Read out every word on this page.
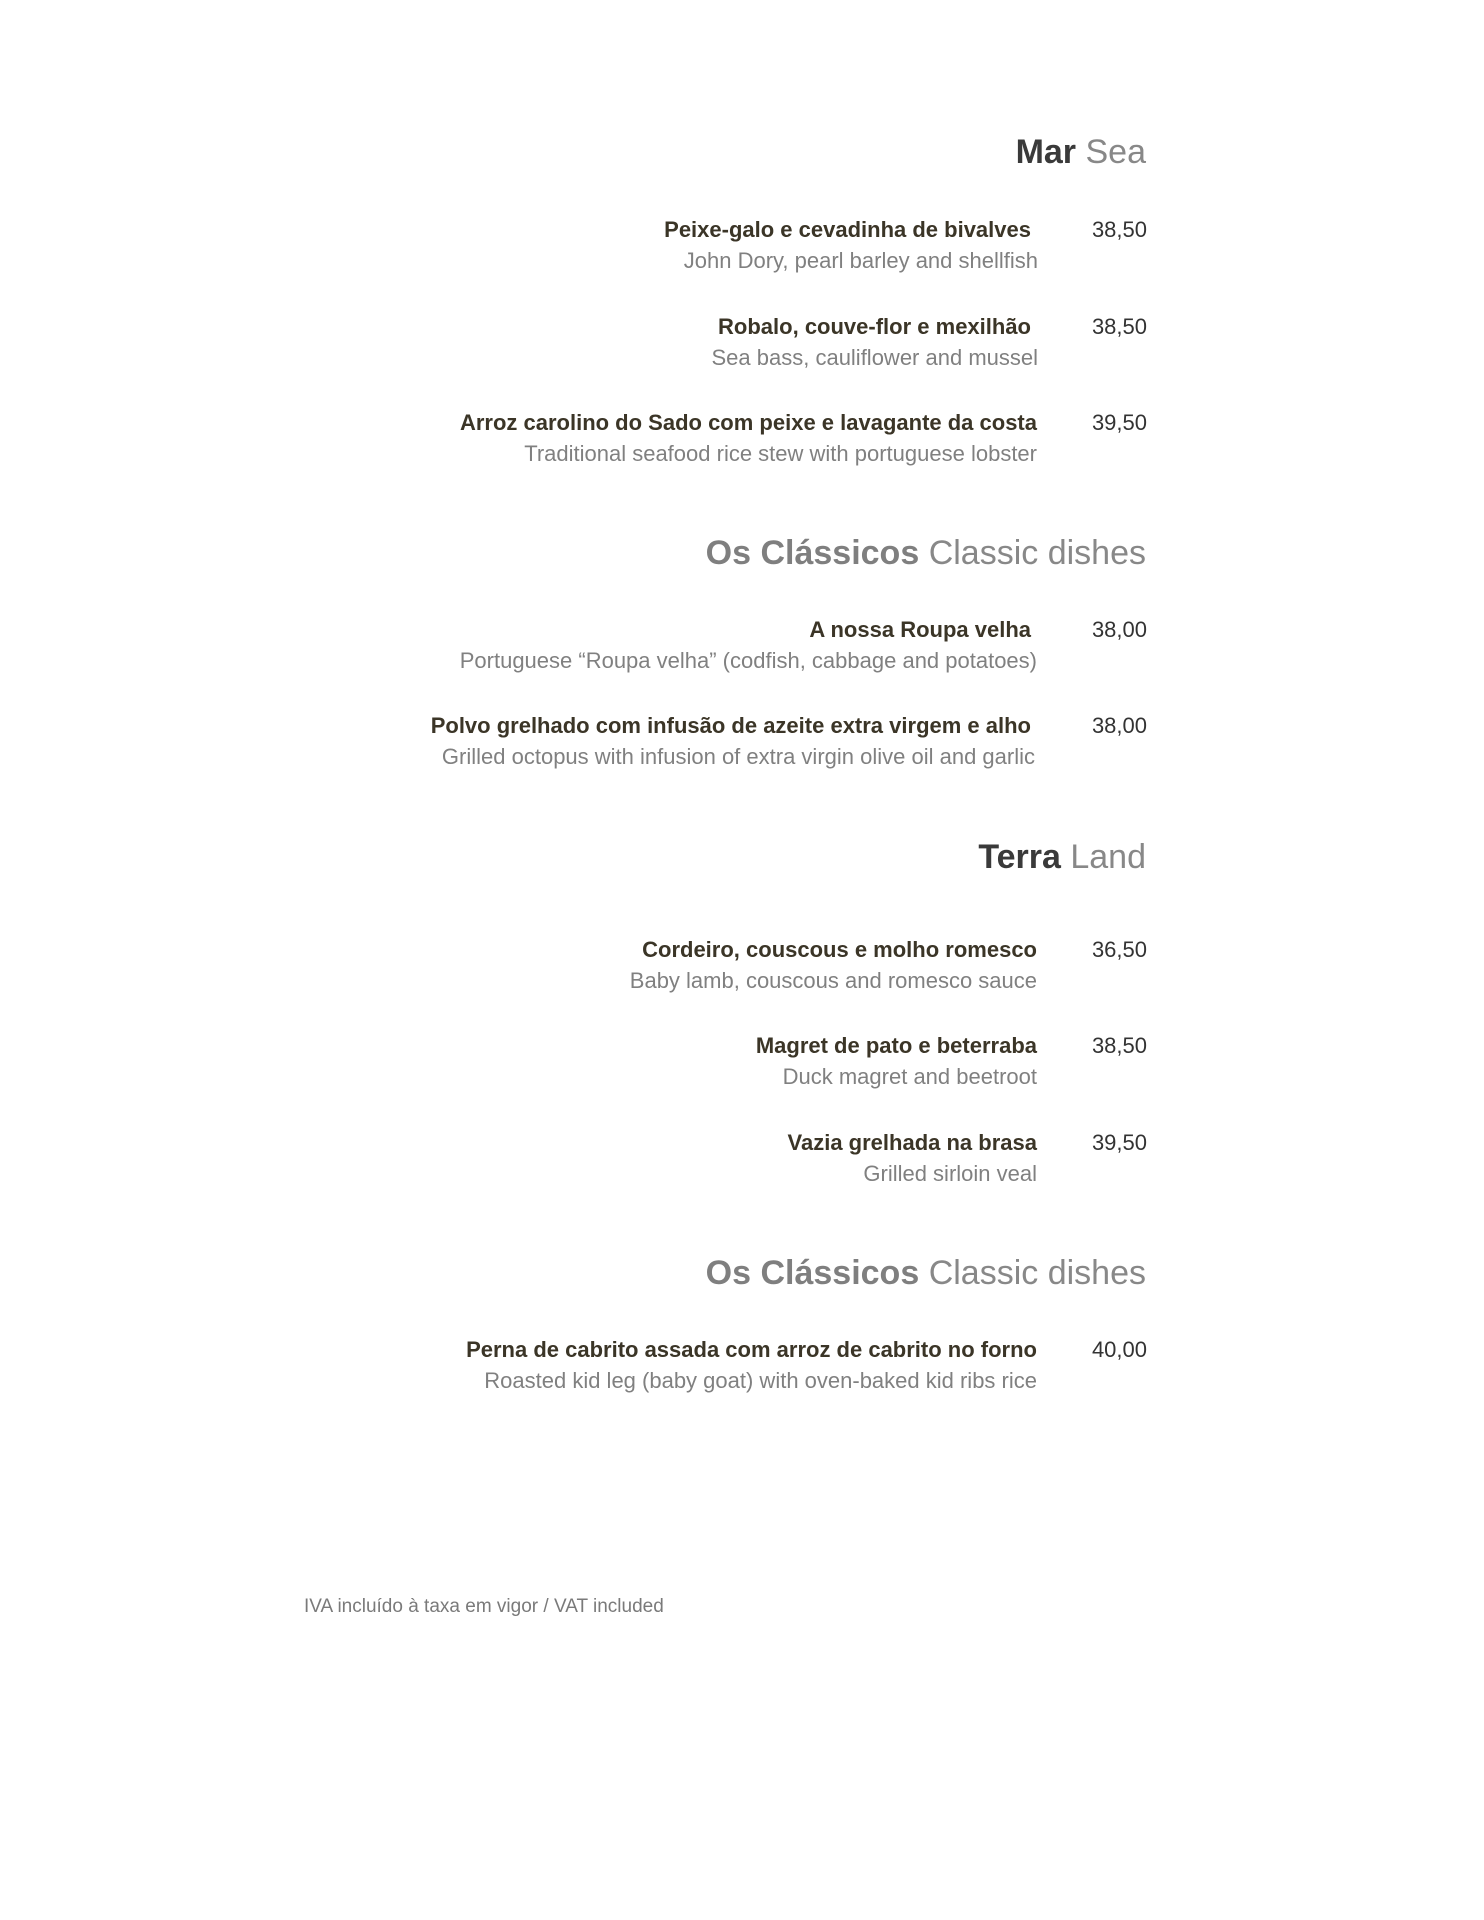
Mar Sea
Peixe-galo e cevadinha de bivalves
John Dory, pearl barley and shellfish
38,50
Robalo, couve-flor e mexilhão
Sea bass, cauliflower and mussel
38,50
Arroz carolino do Sado com peixe e lavagante da costa
Traditional seafood rice stew with portuguese lobster
39,50
Os Clássicos Classic dishes
A nossa Roupa velha
Portuguese “Roupa velha” (codfish, cabbage and potatoes)
38,00
Polvo grelhado com infusão de azeite extra virgem e alho
Grilled octopus with infusion of extra virgin olive oil and garlic
38,00
Terra Land
Cordeiro, couscous e molho romesco
Baby lamb, couscous and romesco sauce
36,50
Magret de pato e beterraba
Duck magret and beetroot
38,50
Vazia grelhada na brasa
Grilled sirloin veal
39,50
Os Clássicos Classic dishes
Perna de cabrito assada com arroz de cabrito no forno
Roasted kid leg (baby goat) with oven-baked kid ribs rice
40,00
IVA incluído à taxa em vigor / VAT included
